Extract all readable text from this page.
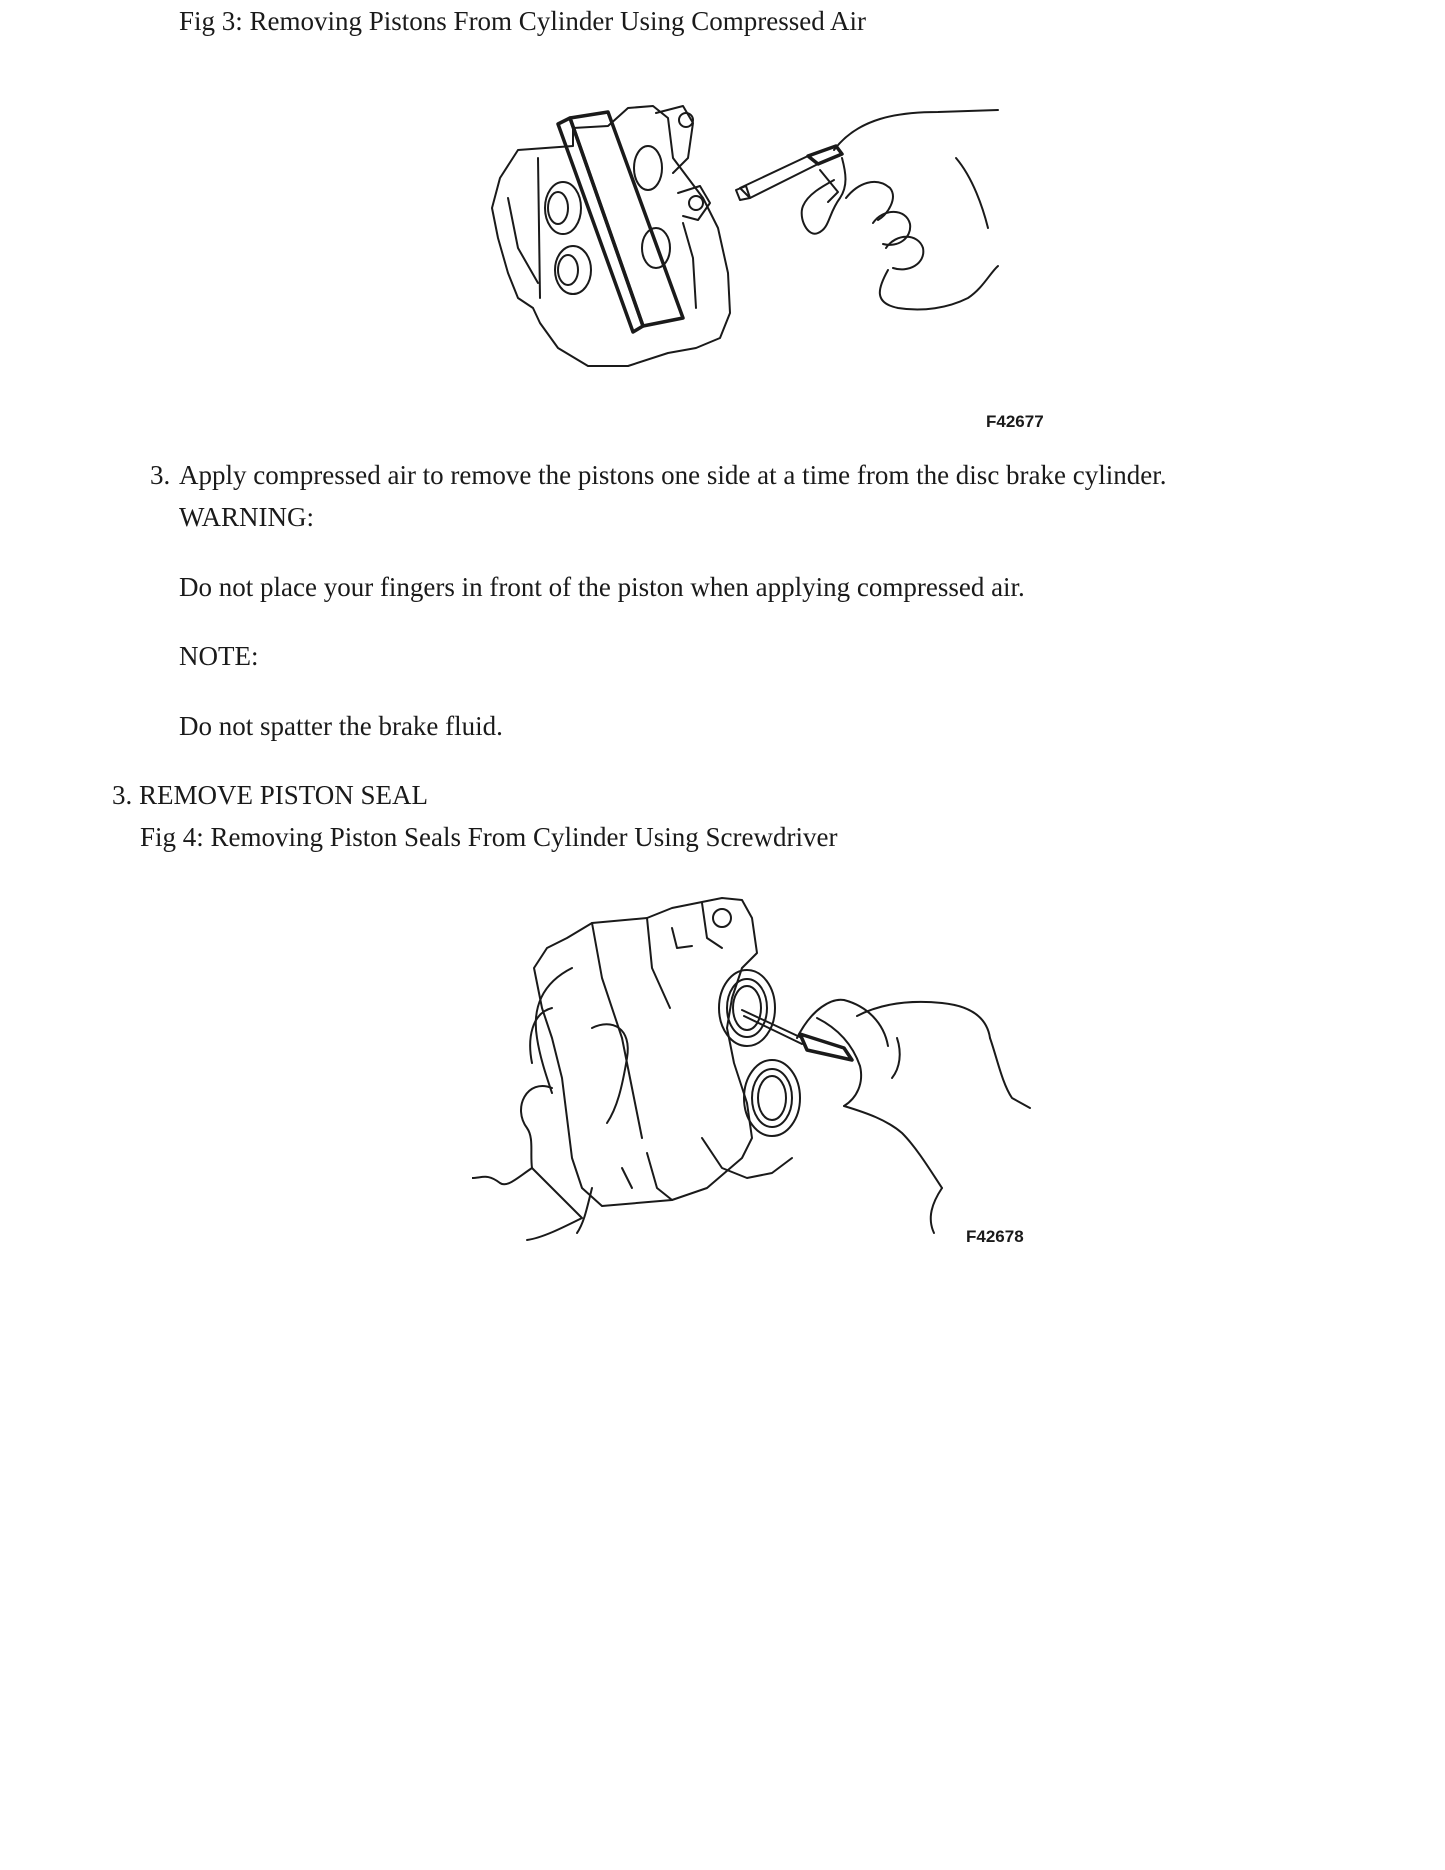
Fig 3: Removing Pistons From Cylinder Using Compressed Air
F42677
3. Apply compressed air to remove the pistons one side at a time from the disc brake cylinder.
WARNING:
Do not place your fingers in front of the piston when applying compressed air.
NOTE:
Do not spatter the brake fluid.
3. REMOVE PISTON SEAL
Fig 4: Removing Piston Seals From Cylinder Using Screwdriver
F42678
